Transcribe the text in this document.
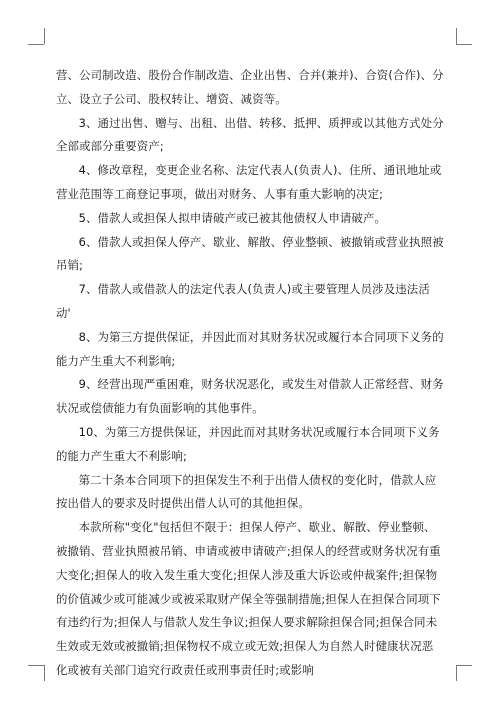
营、公司制改造、股份合作制改造、企业出售、合并(兼并)、合资(合作)、分立、设立子公司、股权转让、增资、减资等。

3、通过出售、赠与、出租、出借、转移、抵押、质押或以其他方式处分全部或部分重要资产;

4、修改章程，变更企业名称、法定代表人(负责人)、住所、通讯地址或营业范围等工商登记事项，做出对财务、人事有重大影响的决定;

5、借款人或担保人拟申请破产或已被其他债权人申请破产。

6、借款人或担保人停产、歇业、解散、停业整顿、被撤销或营业执照被吊销;

7、借款人或借款人的法定代表人(负责人)或主要管理人员涉及违法活动'

8、为第三方提供保证，并因此而对其财务状况或履行本合同项下义务的能力产生重大不利影响;

9、经营出现严重困难，财务状况恶化，或发生对借款人正常经营、财务状况或偿债能力有负面影响的其他事件。

10、为第三方提供保证，并因此而对其财务状况或履行本合同项下义务的能力产生重大不利影响;

第二十条本合同项下的担保发生不利于出借人债权的变化时，借款人应按出借人的要求及时提供出借人认可的其他担保。

本款所称"变化"包括但不限于：担保人停产、歇业、解散、停业整顿、被撤销、营业执照被吊销、申请或被申请破产;担保人的经营或财务状况有重大变化;担保人的收入发生重大变化;担保人涉及重大诉讼或仲裁案件;担保物的价值减少或可能减少或被采取财产保全等强制措施;担保人在担保合同项下有违约行为;担保人与借款人发生争议;担保人要求解除担保合同;担保合同未生效或无效或被撤销;担保物权不成立或无效;担保人为自然人时健康状况恶化或被有关部门追究行政责任或刑事责任时;或影响
